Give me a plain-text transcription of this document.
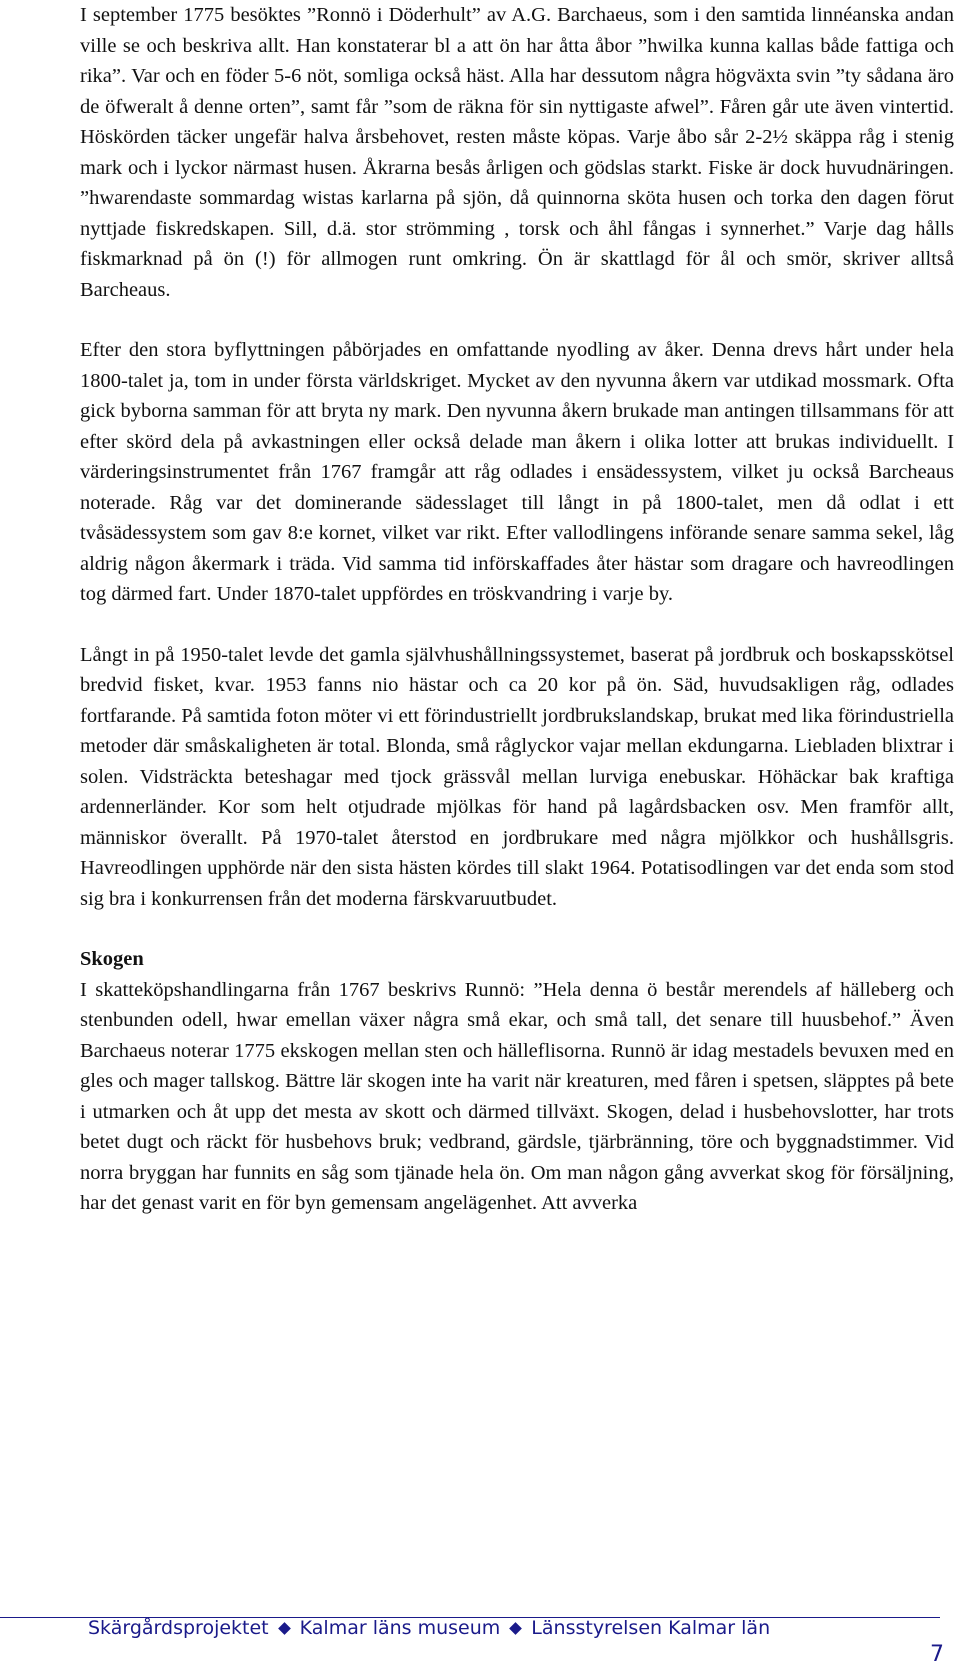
I september 1775 besöktes ”Ronnö i Döderhult” av A.G. Barchaeus, som i den samtida linnéanska andan ville se och beskriva allt. Han konstaterar bl a att ön har åtta åbor ”hwilka kunna kallas både fattiga och rika”. Var och en föder 5-6 nöt, somliga också häst. Alla har dessutom några högväxta svin ”ty sådana äro de öfweralt å denne orten”, samt får ”som de räkna för sin nyttigaste afwel”. Fåren går ute även vintertid. Höskörden täcker ungefär halva årsbehovet, resten måste köpas. Varje åbo sår 2-2½ skäppa råg i stenig mark och i lyckor närmast husen. Åkrarna besås årligen och gödslas starkt. Fiske är dock huvudnäringen. ”hwarendaste sommardag wistas karlarna på sjön, då quinnorna sköta husen och torka den dagen förut nyttjade fiskredskapen. Sill, d.ä. stor strömming , torsk och åhl fångas i synnerhet.” Varje dag hålls fiskmarknad på ön (!) för allmogen runt omkring. Ön är skattlagd för ål och smör, skriver alltså Barcheaus.

Efter den stora byflyttningen påbörjades en omfattande nyodling av åker. Denna drevs hårt under hela 1800-talet ja, tom in under första världskriget. Mycket av den nyvunna åkern var utdikad mossmark. Ofta gick byborna samman för att bryta ny mark. Den nyvunna åkern brukade man antingen tillsammans för att efter skörd dela på avkastningen eller också delade man åkern i olika lotter att brukas individuellt. I värderingsinstrumentet från 1767 framgår att råg odlades i ensädessystem, vilket ju också Barcheaus noterade. Råg var det dominerande sädesslaget till långt in på 1800-talet, men då odlat i ett tvåsädessystem som gav 8:e kornet, vilket var rikt. Efter vallodlingens införande senare samma sekel, låg aldrig någon åkermark i träda. Vid samma tid införskaffades åter hästar som dragare och havreodlingen tog därmed fart. Under 1870-talet uppfördes en tröskvandring i varje by.

Långt in på 1950-talet levde det gamla självhushållningssystemet, baserat på jordbruk och boskapsskötsel bredvid fisket, kvar. 1953 fanns nio hästar och ca 20 kor på ön. Säd, huvudsakligen råg, odlades fortfarande. På samtida foton möter vi ett förindustriellt jordbrukslandskap, brukat med lika förindustriella metoder där småskaligheten är total. Blonda, små råglyckor vajar mellan ekdungarna. Liebladen blixtrar i solen. Vidsträckta beteshagar med tjock grässvål mellan lurviga enebuskar. Höhäckar bak kraftiga ardennerländer. Kor som helt otjudrade mjölkas för hand på lagårdsbacken osv. Men framför allt, människor överallt. På 1970-talet återstod en jordbrukare med några mjölkkor och hushållsgris. Havreodlingen upphörde när den sista hästen kördes till slakt 1964. Potatisodlingen var det enda som stod sig bra i konkurrensen från det moderna färskvaruutbudet.

Skogen

I skatteköpshandlingarna från 1767 beskrivs Runnö: ”Hela denna ö består merendels af hälleberg och stenbunden odell, hwar emellan växer några små ekar, och små tall, det senare till huusbehof.” Även Barchaeus noterar 1775 ekskogen mellan sten och hälleflisorna. Runnö är idag mestadels bevuxen med en gles och mager tallskog. Bättre lär skogen inte ha varit när kreaturen, med fåren i spetsen, släpptes på bete i utmarken och åt upp det mesta av skott och därmed tillväxt. Skogen, delad i husbehovslotter, har trots betet dugt och räckt för husbehovs bruk; vedbrand, gärdsle, tjärbränning, töre och byggnadstimmer. Vid norra bryggan har funnits en såg som tjänade hela ön. Om man någon gång avverkat skog för försäljning, har det genast varit en för byn gemensam angelägenhet. Att avverka

Skärgårdsprojektet Kalmar läns museum Länsstyrelsen Kalmar län
7
